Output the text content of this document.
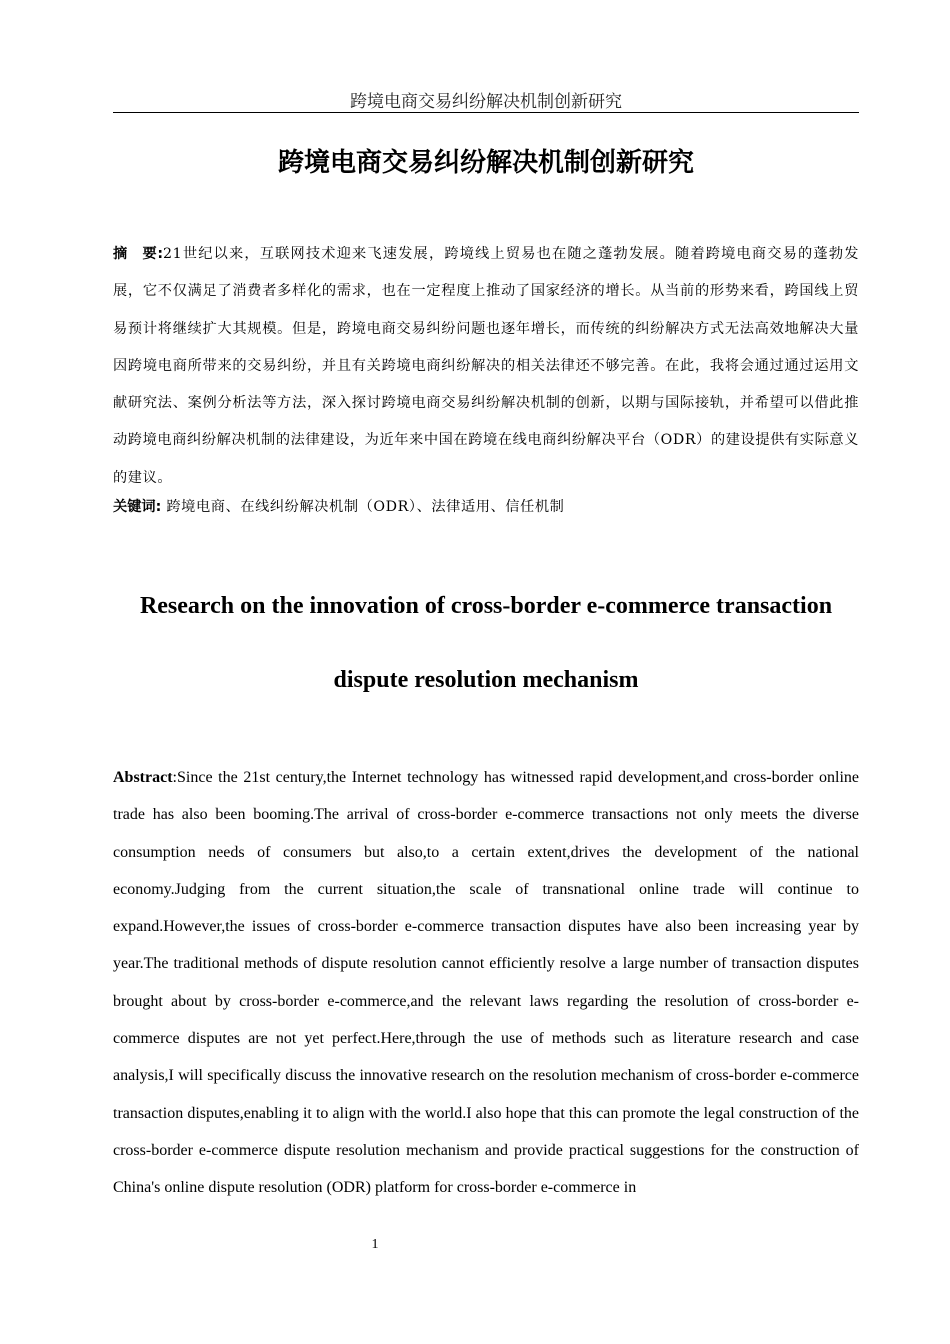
跨境电商交易纠纷解决机制创新研究
跨境电商交易纠纷解决机制创新研究
摘　要:21世纪以来，互联网技术迎来飞速发展，跨境线上贸易也在随之蓬勃发展。随着跨境电商交易的蓬勃发展，它不仅满足了消费者多样化的需求，也在一定程度上推动了国家经济的增长。从当前的形势来看，跨国线上贸易预计将继续扩大其规模。但是，跨境电商交易纠纷问题也逐年增长，而传统的纠纷解决方式无法高效地解决大量因跨境电商所带来的交易纠纷，并且有关跨境电商纠纷解决的相关法律还不够完善。在此，我将会通过通过运用文献研究法、案例分析法等方法，深入探讨跨境电商交易纠纷解决机制的创新，以期与国际接轨，并希望可以借此推动跨境电商纠纷解决机制的法律建设，为近年来中国在跨境在线电商纠纷解决平台（ODR）的建设提供有实际意义的建议。
关键词: 跨境电商、在线纠纷解决机制（ODR）、法律适用、信任机制
Research on the innovation of cross-border e-commerce transaction
dispute resolution mechanism
Abstract:Since the 21st century,the Internet technology has witnessed rapid development,and cross-border online trade has also been booming.The arrival of cross-border e-commerce transactions not only meets the diverse consumption needs of consumers but also,to a certain extent,drives the development of the national economy.Judging from the current situation,the scale of transnational online trade will continue to expand.However,the issues of cross-border e-commerce transaction disputes have also been increasing year by year.The traditional methods of dispute resolution cannot efficiently resolve a large number of transaction disputes brought about by cross-border e-commerce,and the relevant laws regarding the resolution of cross-border e-commerce disputes are not yet perfect.Here,through the use of methods such as literature research and case analysis,I will specifically discuss the innovative research on the resolution mechanism of cross-border e-commerce transaction disputes,enabling it to align with the world.I also hope that this can promote the legal construction of the cross-border e-commerce dispute resolution mechanism and provide practical suggestions for the construction of China's online dispute resolution (ODR) platform for cross-border e-commerce in
1
